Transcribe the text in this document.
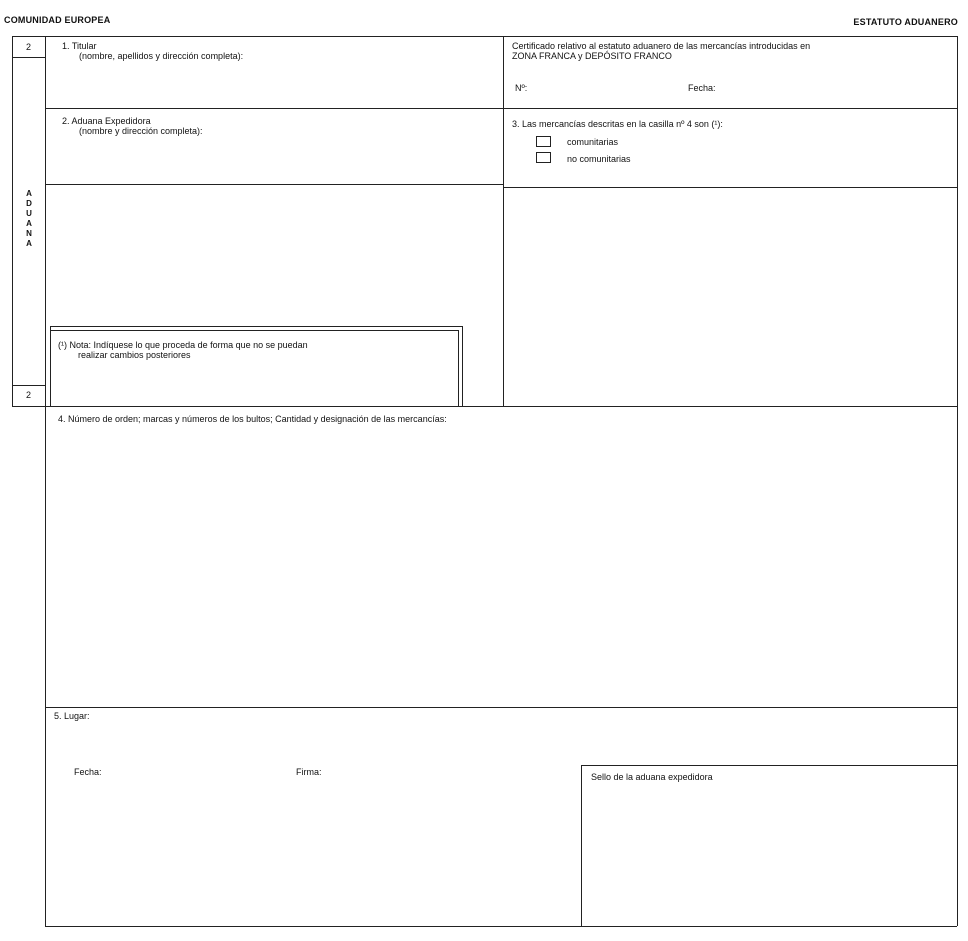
COMUNIDAD EUROPEA	ESTATUTO ADUANERO
2
2
A
D
U
A
N
A
1. Titular
(nombre, apellidos y dirección completa):
Certificado relativo al estatuto aduanero de las mercancías introducidas en
ZONA FRANCA y DEPÓSITO FRANCO
Nº:	Fecha:
2. Aduana Expedidora
(nombre y dirección completa):
3. Las mercancías descritas en la casilla nº 4 son (¹):
comunitarias
no comunitarias
(¹) Nota: Indíquese lo que proceda de forma que no se puedan
realizar cambios posteriores
4. Número de orden; marcas y números de los bultos; Cantidad y designación de las mercancías:
5. Lugar:
Fecha:	Firma:	Sello de la aduana expedidora
